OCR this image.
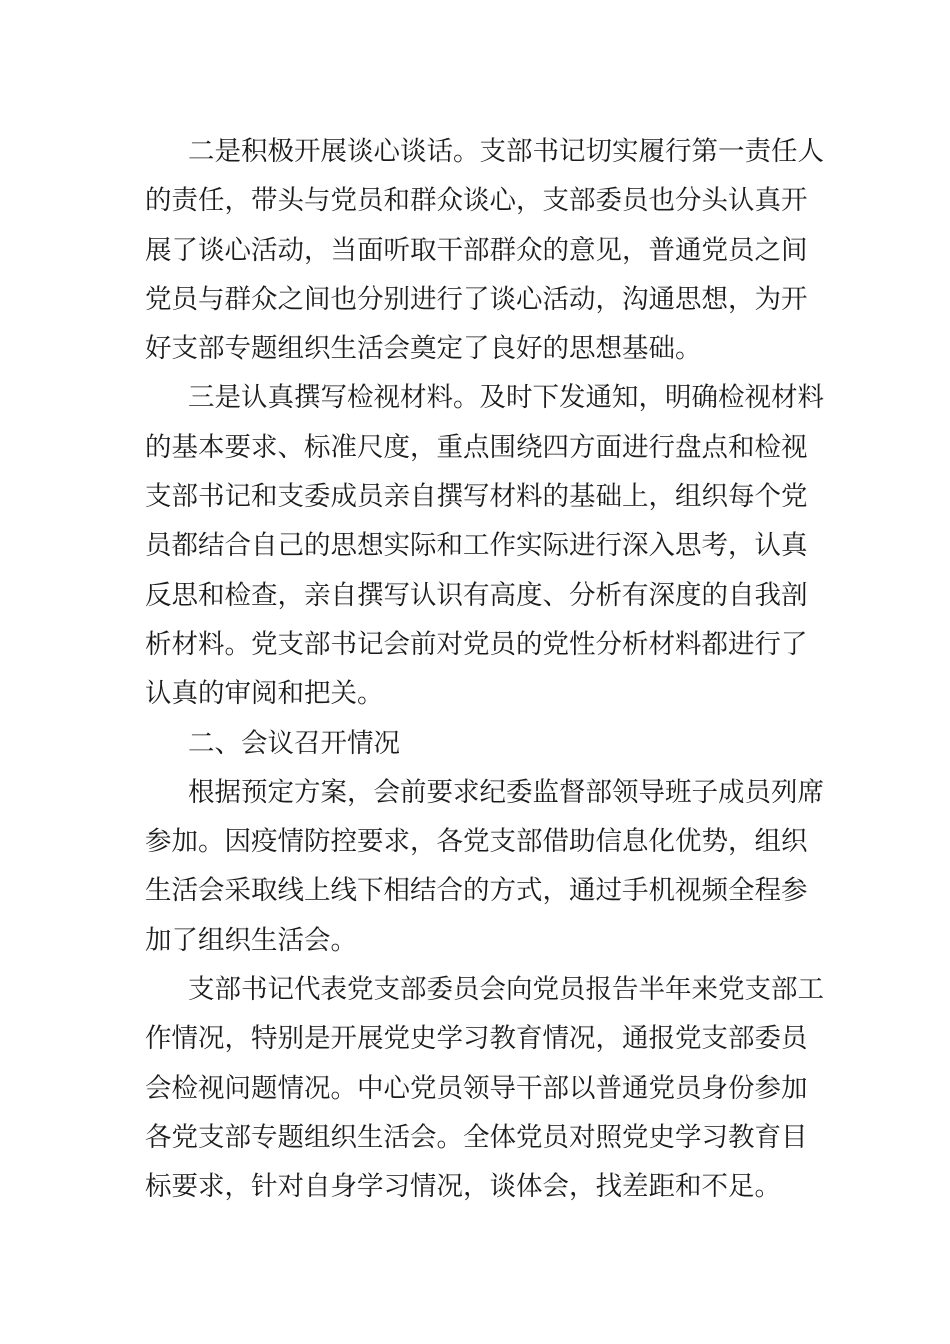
二是积极开展谈心谈话。支部书记切实履行第一责任人
的责任，带头与党员和群众谈心，支部委员也分头认真开
展了谈心活动，当面听取干部群众的意见，普通党员之间
党员与群众之间也分别进行了谈心活动，沟通思想，为开
好支部专题组织生活会奠定了良好的思想基础。
三是认真撰写检视材料。及时下发通知，明确检视材料
的基本要求、标准尺度，重点围绕四方面进行盘点和检视
支部书记和支委成员亲自撰写材料的基础上，组织每个党
员都结合自己的思想实际和工作实际进行深入思考，认真
反思和检查，亲自撰写认识有高度、分析有深度的自我剖
析材料。党支部书记会前对党员的党性分析材料都进行了
认真的审阅和把关。
二、会议召开情况
根据预定方案，会前要求纪委监督部领导班子成员列席
参加。因疫情防控要求，各党支部借助信息化优势，组织
生活会采取线上线下相结合的方式，通过手机视频全程参
加了组织生活会。
支部书记代表党支部委员会向党员报告半年来党支部工
作情况，特别是开展党史学习教育情况，通报党支部委员
会检视问题情况。中心党员领导干部以普通党员身份参加
各党支部专题组织生活会。全体党员对照党史学习教育目
标要求，针对自身学习情况，谈体会，找差距和不足。
